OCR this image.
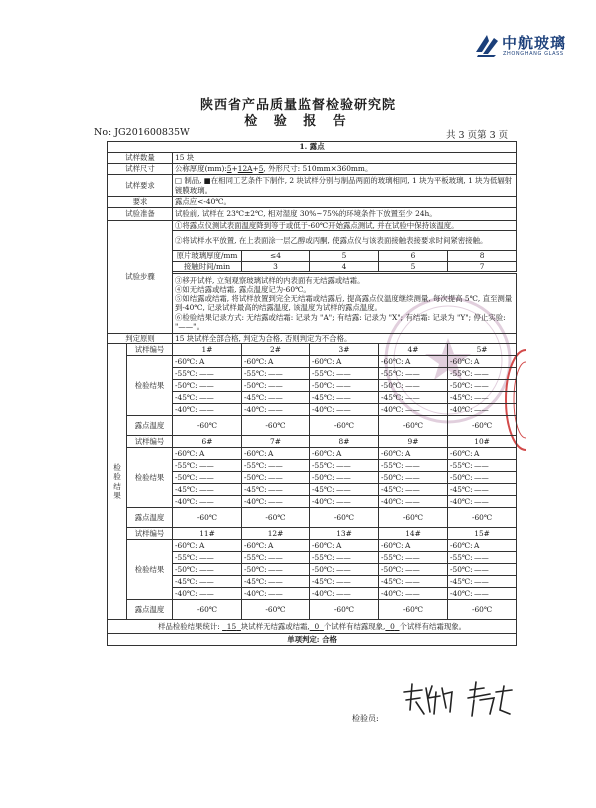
中航玻璃
ZHONGHANG GLASS
陕西省产品质量监督检验研究院
检 验 报 告
No: JG201600835W	共 3 页第 3 页
1. 露点						
试样数量		15 块				
试样尺寸		公称厚度(mm):5+12A+5, 外形尺寸: 510mm×360mm。				
试样要求		□ 制品, ■在相同工艺条件下制作, 2 块试样分别与制品两面的玻璃相同, 1 块为平板玻璃, 1 块为低辐射镀膜玻璃。				
要求		露点应<-40℃。				
试验准备		试验前, 试样在 23℃±2℃, 相对湿度 30%~75%的环境条件下放置至少 24h。				
试验步骤		①将露点仪测试表面温度降到等于或低于-60℃开始露点测试, 并在试验中保持该温度。				
		②将试样水平放置, 在上表面涂一层乙醇或丙酮, 使露点仪与该表面接触表接要求时间紧密接触。				
		原片玻璃厚度/mm	≤4	5	6	8
		接触时间/min	3	4	5	7

		③移开试样, 立刻观察玻璃试样的内表面有无结露或结霜。
④如无结露或结霜, 露点温度记为-60℃。
⑤如结露或结霜, 将试样放置到完全无结霜或结露后, 提高露点仪温度继续测量, 每次提高 5℃, 直至测量到-40℃, 记录试样最高的结露温度, 该温度为试样的露点温度。
⑥检验结果记录方式: 无结露或结霜: 记录为 "A"; 有结露: 记录为 "X"; 有结霜: 记录为 "Y"; 停止实验: "——"。				

判定原则		15 块试样全部合格, 判定为合格, 否则判定为不合格。				
检
验
结
果	试样编号	1#	2#	3#	4#	5#
	检验结果	-60℃:A	-60℃:A	-60℃:A	-60℃:A	-60℃:A
		-55℃:——	-55℃:——	-55℃:——	-55℃:——	-55℃:——
		-50℃:——	-50℃:——	-50℃:——	-50℃:——	-50℃:——
		-45℃:——	-45℃:——	-45℃:——	-45℃:——	-45℃:——
		-40℃:——	-40℃:——	-40℃:——	-40℃:——	-40℃:——
	露点温度	-60℃	-60℃	-60℃	-60℃	-60℃
	试样编号	6#	7#	8#	9#	10#
	检验结果	-60℃:A	-60℃:A	-60℃:A	-60℃:A	-60℃:A
		-55℃:——	-55℃:——	-55℃:——	-55℃:——	-55℃:——
		-50℃:——	-50℃:——	-50℃:——	-50℃:——	-50℃:——
		-45℃:——	-45℃:——	-45℃:——	-45℃:——	-45℃:——
		-40℃:——	-40℃:——	-40℃:——	-40℃:——	-40℃:——
	露点温度	-60℃	-60℃	-60℃	-60℃	-60℃
	试样编号	11#	12#	13#	14#	15#
	检验结果	-60℃:A	-60℃:A	-60℃:A	-60℃:A	-60℃:A
		-55℃:——	-55℃:——	-55℃:——	-55℃:——	-55℃:——
		-50℃:——	-50℃:——	-50℃:——	-50℃:——	-50℃:——
		-45℃:——	-45℃:——	-45℃:——	-45℃:——	-45℃:——
		-40℃:——	-40℃:——	-40℃:——	-40℃:——	-40℃:——
	露点温度	-60℃	-60℃	-60℃	-60℃	-60℃
样品检验结果统计: 15 块试样无结露或结霜, 0 个试样有结露现象, 0 个试样有结霜现象。						
单项判定: 合格						
检验员:
